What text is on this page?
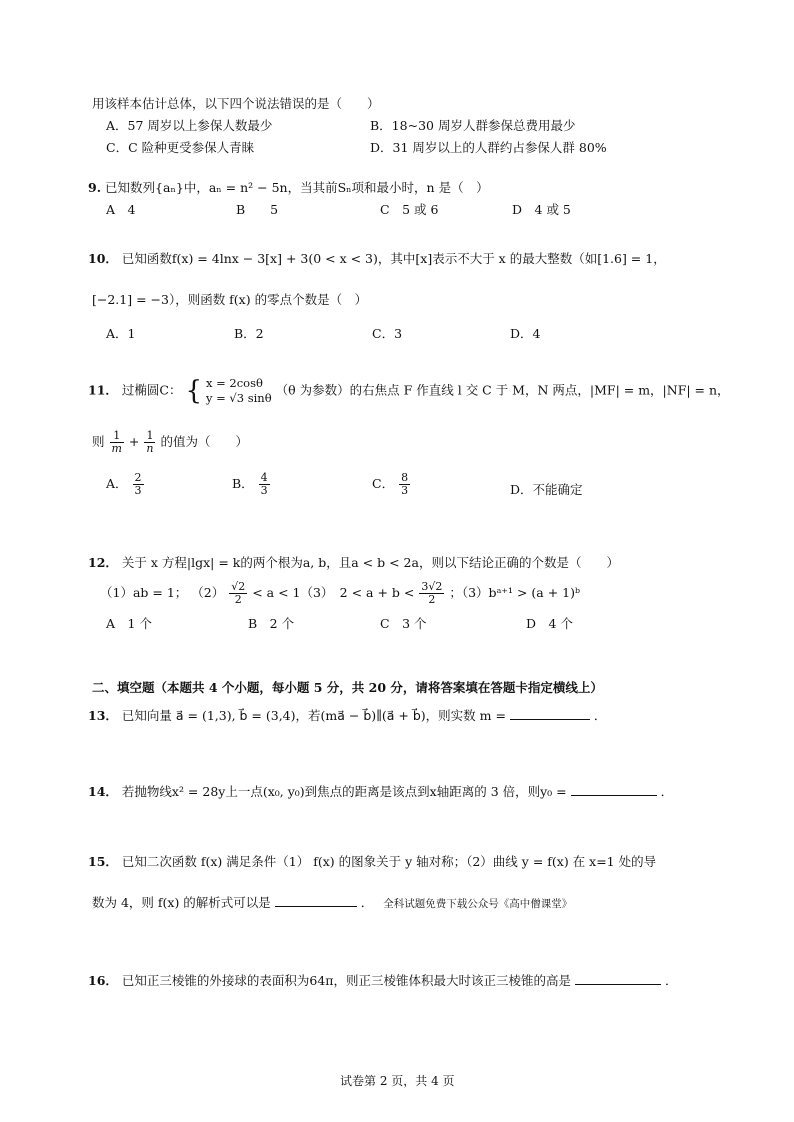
用该样本估计总体，以下四个说法错误的是（　　）
A．57 周岁以上参保人数最少	B．18~30 周岁人群参保总费用最少
C．C 险种更受参保人青睐	D．31 周岁以上的人群约占参保人群 80%
9. 已知数列{aₙ}中，aₙ = n² − 5n，当其前Sₙ项和最小时，n 是（　）
A　4	B　　5	C　5 或 6	D　4 或 5
10． 已知函数f(x) = 4lnx − 3[x] + 3(0 < x < 3)，其中[x]表示不大于 x 的最大整数（如[1.6] = 1，
[−2.1] = −3），则函数 f(x) 的零点个数是（　）
A．1	B．2	C．3	D．4
11． 过椭圆C： { x = 2cosθ
y = √3 sinθ
（θ 为参数）的右焦点 F 作直线 l 交 C 于 M，N 两点，|MF| = m，|NF| = n，
则 $\frac{1}{m} + \frac{1}{n}$ 的值为（　　）
A． $\frac{2}{3}$	B． $\frac{4}{3}$	C． $\frac{8}{3}$	D．不能确定
12． 关于 x 方程|lgx| = k的两个根为a, b，且a < b < 2a，则以下结论正确的个数是（　　）
（1）ab = 1； $(2) \frac{√2}{2} < a < 1(3)$　$2 < a + b < \frac{3√2}{2}$ ；（3）bᵃ⁺¹ > (a + 1)ᵇ
A　1 个	B　2 个	C　3 个	D　4 个
二、填空题（本题共 4 个小题，每小题 5 分，共 20 分，请将答案填在答题卡指定横线上）
13． 已知向量 a⃗ = (1,3), b⃗ = (3,4)，若(ma⃗ − b⃗)∥(a⃗ + b⃗)，则实数 m =	．
14． 若抛物线x² = 28y上一点(x₀, y₀)到焦点的距离是该点到x轴距离的 3 倍，则y₀ =	．
15． 已知二次函数 f(x) 满足条件（1） f(x) 的图象关于 y 轴对称；（2）曲线 y = f(x) 在 x=1 处的导
数为 4，则 f(x) 的解析式可以是	． 全科试题免费下载公众号《高中僧课堂》
16． 已知正三棱锥的外接球的表面积为64π，则正三棱锥体积最大时该正三棱锥的高是	．
试卷第 2 页，共 4 页
